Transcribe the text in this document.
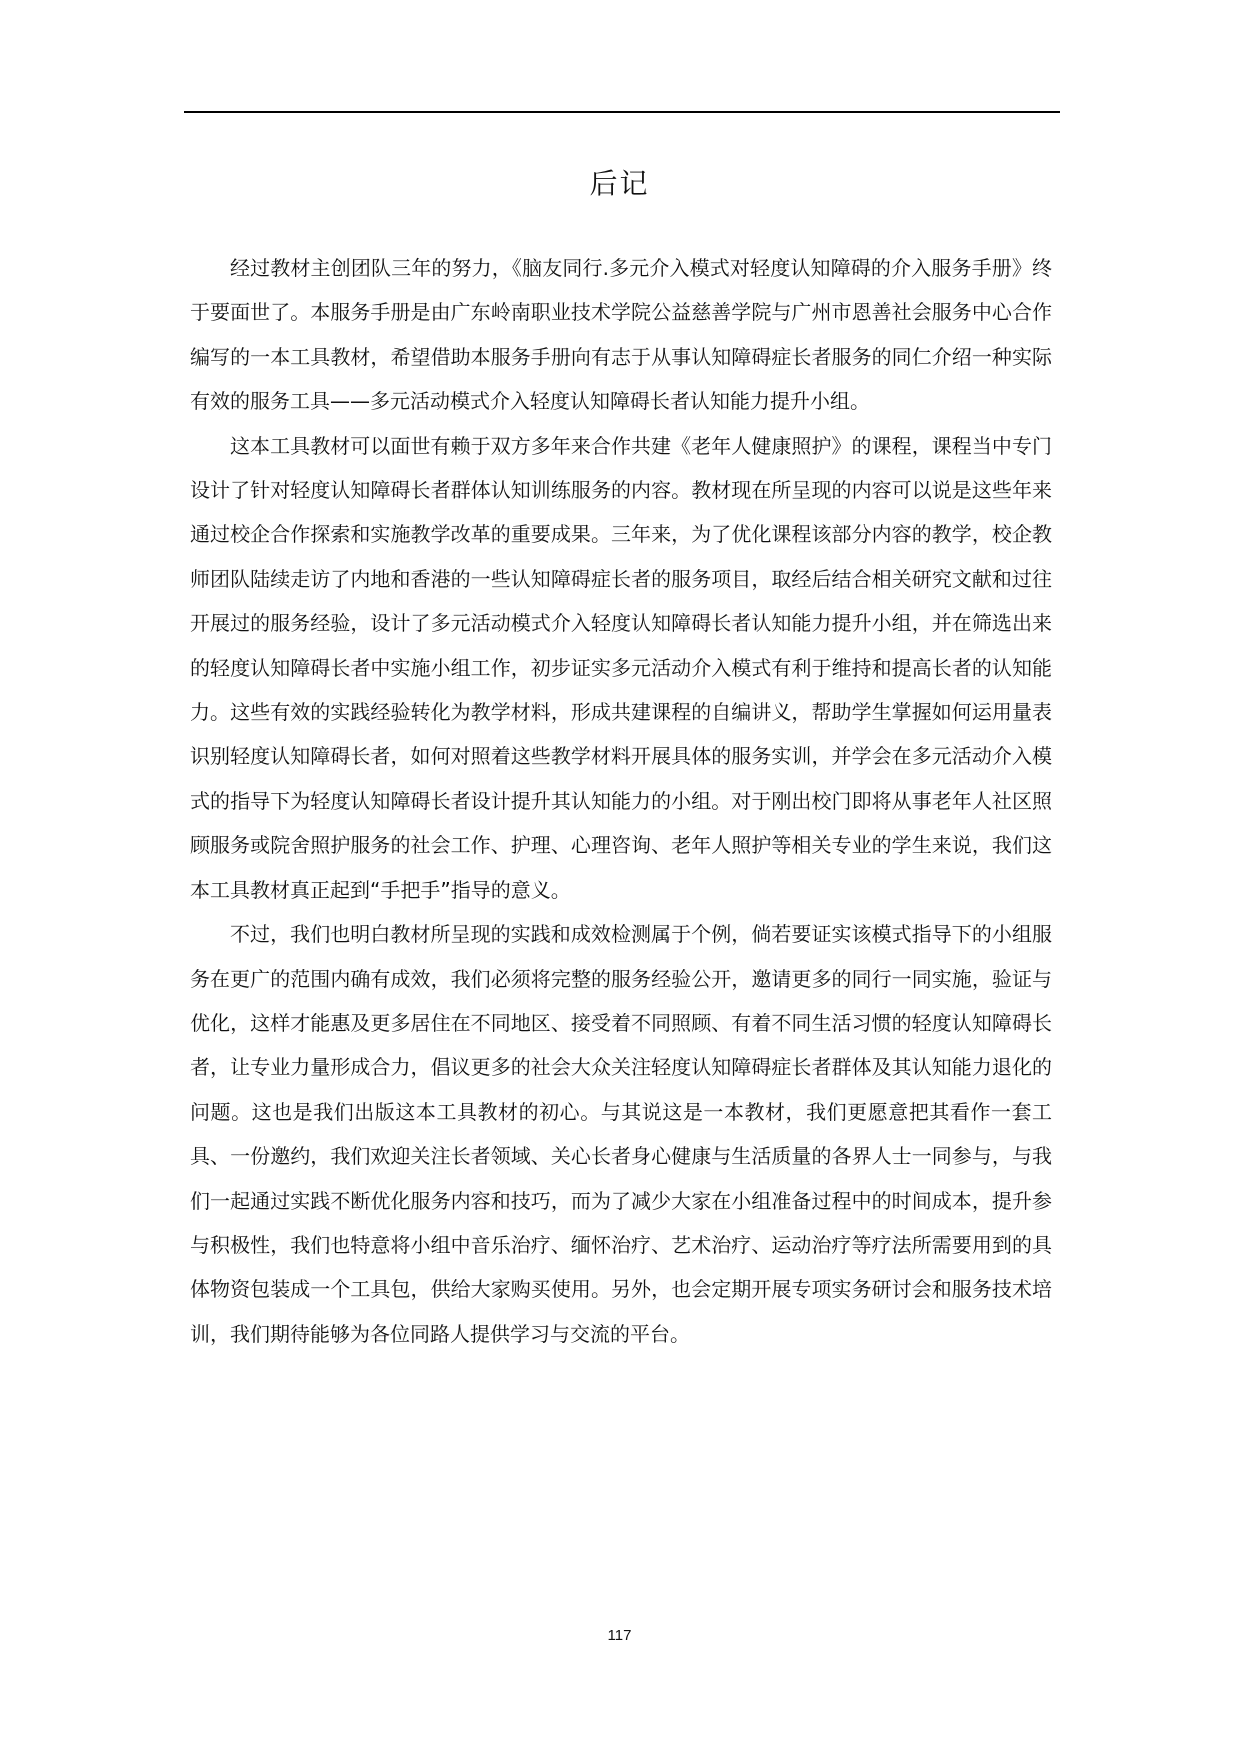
后记

经过教材主创团队三年的努力，《脑友同行.多元介入模式对轻度认知障碍的介入服务手册》终于要面世了。本服务手册是由广东岭南职业技术学院公益慈善学院与广州市恩善社会服务中心合作编写的一本工具教材，希望借助本服务手册向有志于从事认知障碍症长者服务的同仁介绍一种实际有效的服务工具——多元活动模式介入轻度认知障碍长者认知能力提升小组。

这本工具教材可以面世有赖于双方多年来合作共建《老年人健康照护》的课程，课程当中专门设计了针对轻度认知障碍长者群体认知训练服务的内容。教材现在所呈现的内容可以说是这些年来通过校企合作探索和实施教学改革的重要成果。三年来，为了优化课程该部分内容的教学，校企教师团队陆续走访了内地和香港的一些认知障碍症长者的服务项目，取经后结合相关研究文献和过往开展过的服务经验，设计了多元活动模式介入轻度认知障碍长者认知能力提升小组，并在筛选出来的轻度认知障碍长者中实施小组工作，初步证实多元活动介入模式有利于维持和提高长者的认知能力。这些有效的实践经验转化为教学材料，形成共建课程的自编讲义，帮助学生掌握如何运用量表识别轻度认知障碍长者，如何对照着这些教学材料开展具体的服务实训，并学会在多元活动介入模式的指导下为轻度认知障碍长者设计提升其认知能力的小组。对于刚出校门即将从事老年人社区照顾服务或院舍照护服务的社会工作、护理、心理咨询、老年人照护等相关专业的学生来说，我们这本工具教材真正起到“手把手”指导的意义。

不过，我们也明白教材所呈现的实践和成效检测属于个例，倘若要证实该模式指导下的小组服务在更广的范围内确有成效，我们必须将完整的服务经验公开，邀请更多的同行一同实施，验证与优化，这样才能惠及更多居住在不同地区、接受着不同照顾、有着不同生活习惯的轻度认知障碍长者，让专业力量形成合力，倡议更多的社会大众关注轻度认知障碍症长者群体及其认知能力退化的问题。这也是我们出版这本工具教材的初心。与其说这是一本教材，我们更愿意把其看作一套工具、一份邀约，我们欢迎关注长者领域、关心长者身心健康与生活质量的各界人士一同参与，与我们一起通过实践不断优化服务内容和技巧，而为了减少大家在小组准备过程中的时间成本，提升参与积极性，我们也特意将小组中音乐治疗、缅怀治疗、艺术治疗、运动治疗等疗法所需要用到的具体物资包装成一个工具包，供给大家购买使用。另外，也会定期开展专项实务研讨会和服务技术培训，我们期待能够为各位同路人提供学习与交流的平台。

117
